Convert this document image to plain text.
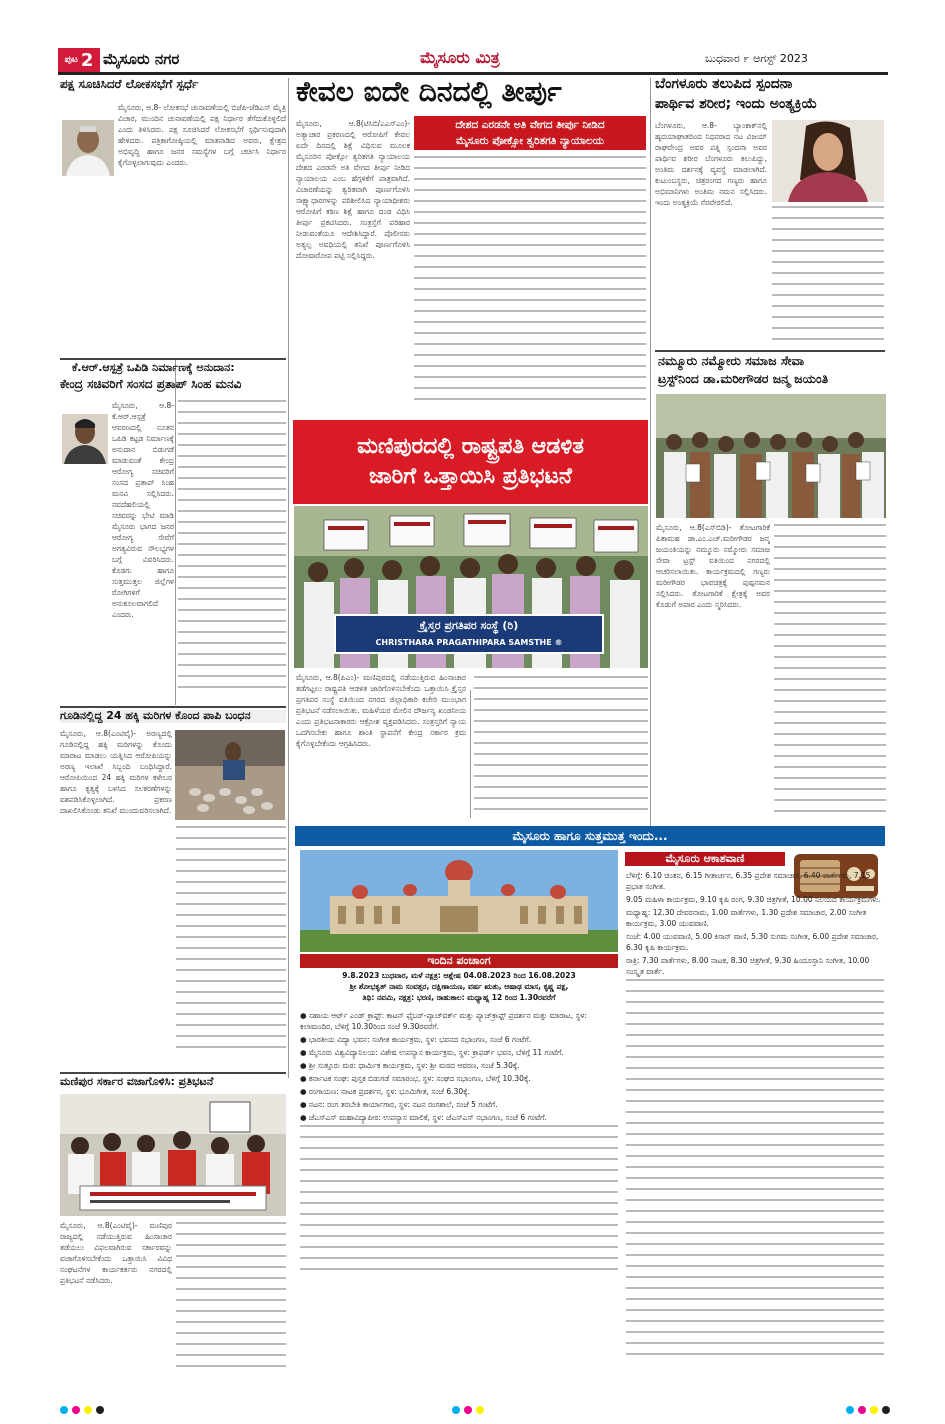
ಪುಟ 2 ಮೈಸೂರು ನಗರ	ಮೈಸೂರು ಮಿತ್ರ	ಬುಧವಾರ ೯ ಆಗಸ್ಟ್ 2023
ಪಕ್ಷ ಸೂಚಿಸಿದರೆ ಲೋಕಸಭೆಗೆ ಸ್ಪರ್ಧೆ
ಮೈಸೂರು, ಆ.8- ಲೋಕಸಭೆ ಚುನಾವಣೆಯಲ್ಲಿ ಬಿಜೆಪಿ-ಜೆಡಿಎಸ್ ಮೈತ್ರಿ ವಿಚಾರ, ಮುಂದಿನ ಚುನಾವಣೆಯಲ್ಲಿ ಪಕ್ಷ ನಿರ್ಧಾರ ತೆಗೆದುಕೊಳ್ಳಲಿದೆ ಎಂದು ತಿಳಿಸಿದರು. ಪಕ್ಷ ಸೂಚಿಸಿದರೆ ಲೋಕಸಭೆಗೆ ಸ್ಪರ್ಧಿಸುವುದಾಗಿ ಹೇಳಿದರು. ಪತ್ರಿಕಾಗೋಷ್ಠಿಯಲ್ಲಿ ಮಾತನಾಡಿದ ಅವರು, ಕ್ಷೇತ್ರದ ಅಭಿವೃದ್ಧಿ ಹಾಗೂ ಜನರ ಸಮಸ್ಯೆಗಳ ಬಗ್ಗೆ ಚರ್ಚಿಸಿ ನಿರ್ಧಾರ ಕೈಗೊಳ್ಳಲಾಗುವುದು ಎಂದರು.
ಕೆ.ಆರ್.ಆಸ್ಪತ್ರೆ ಒಪಿಡಿ ನಿರ್ಮಾಣಕ್ಕೆ ಅನುದಾನ:
ಕೇಂದ್ರ ಸಚಿವರಿಗೆ ಸಂಸದ ಪ್ರತಾಪ್ ಸಿಂಹ ಮನವಿ
ಮೈಸೂರು, ಆ.8- ಕೆ.ಆರ್.ಆಸ್ಪತ್ರೆ ಆವರಣದಲ್ಲಿ ನೂತನ ಒಪಿಡಿ ಕಟ್ಟಡ ನಿರ್ಮಾಣಕ್ಕೆ ಅನುದಾನ ಬಿಡುಗಡೆ ಮಾಡುವಂತೆ ಕೇಂದ್ರ ಆರೋಗ್ಯ ಸಚಿವರಿಗೆ ಸಂಸದ ಪ್ರತಾಪ್ ಸಿಂಹ ಮನವಿ ಸಲ್ಲಿಸಿದರು. ನವದೆಹಲಿಯಲ್ಲಿ ಸಚಿವರನ್ನು ಭೇಟಿ ಮಾಡಿ ಮೈಸೂರು ಭಾಗದ ಜನರ ಆರೋಗ್ಯ ಸೇವೆಗೆ ಅಗತ್ಯವಿರುವ ಸೌಲಭ್ಯಗಳ ಬಗ್ಗೆ ವಿವರಿಸಿದರು. ಕೊಡಗು ಹಾಗೂ ಸುತ್ತಮುತ್ತಲ ಜಿಲ್ಲೆಗಳ ರೋಗಿಗಳಿಗೆ ಅನುಕೂಲವಾಗಲಿದೆ ಎಂದರು.
ಗೂಡಿನಲ್ಲಿದ್ದ 24 ಹಕ್ಕಿ ಮರಿಗಳ ಕೊಂದ ಪಾಪಿ ಬಂಧನ
ಮೈಸೂರು, ಆ.8(ಎಂಟಿವೈ)- ಅರಣ್ಯದಲ್ಲಿ ಗೂಡಿನಲ್ಲಿದ್ದ ಹಕ್ಕಿ ಮರಿಗಳನ್ನು ಕೊಂದು ಮಾರಾಟ ಮಾಡಲು ಯತ್ನಿಸಿದ ಆರೋಪಿಯನ್ನು ಅರಣ್ಯ ಇಲಾಖೆ ಸಿಬ್ಬಂದಿ ಬಂಧಿಸಿದ್ದಾರೆ. ಆರೋಪಿಯಿಂದ 24 ಹಕ್ಕಿ ಮರಿಗಳ ಕಳೇಬರ ಹಾಗೂ ಕೃತ್ಯಕ್ಕೆ ಬಳಸಿದ ಸಲಕರಣೆಗಳನ್ನು ವಶಪಡಿಸಿಕೊಳ್ಳಲಾಗಿದೆ. ಪ್ರಕರಣ ದಾಖಲಿಸಿಕೊಂಡು ತನಿಖೆ ಮುಂದುವರಿಸಲಾಗಿದೆ.
ಮಣಿಪುರ ಸರ್ಕಾರ ವಜಾಗೊಳಿಸಿ: ಪ್ರತಿಭಟನೆ
ಮೈಸೂರು, ಆ.8(ಎಂಟಿವೈ)- ಮಣಿಪುರ ರಾಜ್ಯದಲ್ಲಿ ನಡೆಯುತ್ತಿರುವ ಹಿಂಸಾಚಾರ ತಡೆಯಲು ವಿಫಲವಾಗಿರುವ ಸರ್ಕಾರವನ್ನು ವಜಾಗೊಳಿಸಬೇಕೆಂದು ಒತ್ತಾಯಿಸಿ ವಿವಿಧ ಸಂಘಟನೆಗಳ ಕಾರ್ಯಕರ್ತರು ನಗರದಲ್ಲಿ ಪ್ರತಿಭಟನೆ ನಡೆಸಿದರು.
ಕೇವಲ ಐದೇ ದಿನದಲ್ಲಿ ತೀರ್ಪು
ಮೈಸೂರು, ಆ.8(ಟಿಸಿಬಿ/ಎಎಸ್ಎಂ)- ಅತ್ಯಾಚಾರ ಪ್ರಕರಣದಲ್ಲಿ ಆರೋಪಿಗೆ ಕೇವಲ ಐದೇ ದಿನದಲ್ಲಿ ಶಿಕ್ಷೆ ವಿಧಿಸುವ ಮೂಲಕ ಮೈಸೂರಿನ ಪೋಕ್ಸೋ ತ್ವರಿತಗತಿ ನ್ಯಾಯಾಲಯ ದೇಶದ ಎರಡನೇ ಅತಿ ವೇಗದ ತೀರ್ಪು ನೀಡಿದ ನ್ಯಾಯಾಲಯ ಎಂಬ ಹೆಗ್ಗಳಿಕೆಗೆ ಪಾತ್ರವಾಗಿದೆ. ವಿಚಾರಣೆಯನ್ನು ತ್ವರಿತವಾಗಿ ಪೂರ್ಣಗೊಳಿಸಿ ಸಾಕ್ಷ್ಯಾಧಾರಗಳನ್ನು ಪರಿಶೀಲಿಸಿದ ನ್ಯಾಯಾಧೀಶರು ಆರೋಪಿಗೆ ಕಠಿಣ ಶಿಕ್ಷೆ ಹಾಗೂ ದಂಡ ವಿಧಿಸಿ ತೀರ್ಪು ಪ್ರಕಟಿಸಿದರು. ಸಂತ್ರಸ್ತೆಗೆ ಪರಿಹಾರ ನೀಡುವಂತೆಯೂ ಆದೇಶಿಸಿದ್ದಾರೆ. ಪೊಲೀಸರು ಅತ್ಯಲ್ಪ ಅವಧಿಯಲ್ಲಿ ತನಿಖೆ ಪೂರ್ಣಗೊಳಿಸಿ ದೋಷಾರೋಪ ಪಟ್ಟಿ ಸಲ್ಲಿಸಿದ್ದರು.
ದೇಶದ ಎರಡನೇ ಅತಿ ವೇಗದ ತೀರ್ಪು ನೀಡಿದ
ಮೈಸೂರು ಪೋಕ್ಸೋ ತ್ವರಿತಗತಿ ನ್ಯಾಯಾಲಯ
ಮಣಿಪುರದಲ್ಲಿ ರಾಷ್ಟ್ರಪತಿ ಆಡಳಿತ
ಜಾರಿಗೆ ಒತ್ತಾಯಿಸಿ ಪ್ರತಿಭಟನೆ
ಕ್ರೈಸ್ತರ ಪ್ರಗತಿಪರ ಸಂಸ್ಥೆ (ರಿ)
CHRISTHARA PRAGATHIPARA SAMSTHE ®
ಮೈಸೂರು, ಆ.8(ಪಿಎಂ)- ಮಣಿಪುರದಲ್ಲಿ ನಡೆಯುತ್ತಿರುವ ಹಿಂಸಾಚಾರ ತಡೆಗಟ್ಟಲು ರಾಷ್ಟ್ರಪತಿ ಆಡಳಿತ ಜಾರಿಗೊಳಿಸಬೇಕೆಂದು ಒತ್ತಾಯಿಸಿ ಕ್ರೈಸ್ತರ ಪ್ರಗತಿಪರ ಸಂಸ್ಥೆ ವತಿಯಿಂದ ನಗರದ ಜಿಲ್ಲಾಧಿಕಾರಿ ಕಚೇರಿ ಮುಂಭಾಗ ಪ್ರತಿಭಟನೆ ನಡೆಸಲಾಯಿತು. ಮಹಿಳೆಯರ ಮೇಲಿನ ದೌರ್ಜನ್ಯ ಖಂಡನೀಯ ಎಂದು ಪ್ರತಿಭಟನಾಕಾರರು ಆಕ್ರೋಶ ವ್ಯಕ್ತಪಡಿಸಿದರು. ಸಂತ್ರಸ್ತರಿಗೆ ನ್ಯಾಯ ಒದಗಿಸಬೇಕು ಹಾಗೂ ಶಾಂತಿ ಸ್ಥಾಪನೆಗೆ ಕೇಂದ್ರ ಸರ್ಕಾರ ಕ್ರಮ ಕೈಗೊಳ್ಳಬೇಕೆಂದು ಆಗ್ರಹಿಸಿದರು.
ಬೆಂಗಳೂರು ತಲುಪಿದ ಸ್ಪಂದನಾ
ಪಾರ್ಥಿವ ಶರೀರ; ಇಂದು ಅಂತ್ಯಕ್ರಿಯೆ
ಬೆಂಗಳೂರು, ಆ.8- ಬ್ಯಾಂಕಾಕ್‌ನಲ್ಲಿ ಹೃದಯಾಘಾತದಿಂದ ನಿಧನರಾದ ನಟ ವಿಜಯ್ ರಾಘವೇಂದ್ರ ಅವರ ಪತ್ನಿ ಸ್ಪಂದನಾ ಅವರ ಪಾರ್ಥಿವ ಶರೀರ ಬೆಂಗಳೂರು ತಲುಪಿದ್ದು, ಅಂತಿಮ ದರ್ಶನಕ್ಕೆ ವ್ಯವಸ್ಥೆ ಮಾಡಲಾಗಿದೆ. ಕುಟುಂಬಸ್ಥರು, ಚಿತ್ರರಂಗದ ಗಣ್ಯರು ಹಾಗೂ ಅಭಿಮಾನಿಗಳು ಅಂತಿಮ ನಮನ ಸಲ್ಲಿಸಿದರು. ಇಂದು ಅಂತ್ಯಕ್ರಿಯೆ ನೆರವೇರಲಿದೆ.
ನಮ್ಮೂರು ನಮ್ಮೋರು ಸಮಾಜ ಸೇವಾ
ಟ್ರಸ್ಟ್‌ನಿಂದ ಡಾ.ಮರೀಗೌಡರ ಜನ್ಮ ಜಯಂತಿ
ಮೈಸೂರು, ಆ.8(ಎಸ್‌ಬಿಡಿ)- ತೋಟಗಾರಿಕೆ ಪಿತಾಮಹ ಡಾ.ಎಂ.ಎಚ್.ಮರೀಗೌಡರ ಜನ್ಮ ಜಯಂತಿಯನ್ನು ನಮ್ಮೂರು ನಮ್ಮೋರು ಸಮಾಜ ಸೇವಾ ಟ್ರಸ್ಟ್ ವತಿಯಿಂದ ನಗರದಲ್ಲಿ ಆಚರಿಸಲಾಯಿತು. ಕಾರ್ಯಕ್ರಮದಲ್ಲಿ ಗಣ್ಯರು ಮರೀಗೌಡರ ಭಾವಚಿತ್ರಕ್ಕೆ ಪುಷ್ಪನಮನ ಸಲ್ಲಿಸಿದರು. ತೋಟಗಾರಿಕೆ ಕ್ಷೇತ್ರಕ್ಕೆ ಅವರ ಕೊಡುಗೆ ಅಪಾರ ಎಂದು ಸ್ಮರಿಸಿದರು.
ಮೈಸೂರು ಹಾಗೂ ಸುತ್ತಮುತ್ತ ಇಂದು...
ಇಂದಿನ ಪಂಚಾಂಗ
9.8.2023 ಬುಧವಾರ, ಮಳೆ ನಕ್ಷತ್ರ: ಆಶ್ಲೇಷ 04.08.2023 ರಿಂದ 16.08.2023
ಶ್ರೀ ಶೋಭಕೃತ್ ನಾಮ ಸಂವತ್ಸರ, ದಕ್ಷಿಣಾಯಣ, ವರ್ಷ ಋತು, ಆಷಾಢ ಮಾಸ, ಕೃಷ್ಣ ಪಕ್ಷ,
ತಿಥಿ: ನವಮಿ, ನಕ್ಷತ್ರ: ಭರಣಿ, ರಾಹುಕಾಲ: ಮಧ್ಯಾಹ್ನ 12 ರಿಂದ 1.30ರವರೆಗೆ

● ಸಹಾಯ ಆರ್ಟ್ ಎಂಡ್ ಕ್ರಾಫ್ಟ್: ಕಾಟನ್ ಫೈಬರ್-ಪ್ಯಾಚ್‌ವರ್ಕ್ ಮತ್ತು ಪ್ಯಾಚ್‌ಕ್ರಾಫ್ಟ್ ಪ್ರದರ್ಶನ ಮತ್ತು ಮಾರಾಟ, ಸ್ಥಳ: ಕಲಾಮಂದಿರ, ಬೆಳಿಗ್ಗೆ 10.30ರಿಂದ ಸಂಜೆ 9.30ರವರೆಗೆ.

● ಭಾರತೀಯ ವಿದ್ಯಾ ಭವನ: ಸಂಗೀತ ಕಾರ್ಯಕ್ರಮ, ಸ್ಥಳ: ಭವನದ ಸಭಾಂಗಣ, ಸಂಜೆ 6 ಗಂಟೆಗೆ.

● ಮೈಸೂರು ವಿಶ್ವವಿದ್ಯಾನಿಲಯ: ವಿಶೇಷ ಉಪನ್ಯಾಸ ಕಾರ್ಯಕ್ರಮ, ಸ್ಥಳ: ಕ್ರಾಫರ್ಡ್ ಭವನ, ಬೆಳಿಗ್ಗೆ 11 ಗಂಟೆಗೆ.

● ಶ್ರೀ ಸುತ್ತೂರು ಮಠ: ಧಾರ್ಮಿಕ ಕಾರ್ಯಕ್ರಮ, ಸ್ಥಳ: ಶ್ರೀ ಮಠದ ಆವರಣ, ಸಂಜೆ 5.30ಕ್ಕೆ.

● ಕರ್ನಾಟಕ ಸಂಘ: ಪುಸ್ತಕ ಬಿಡುಗಡೆ ಸಮಾರಂಭ, ಸ್ಥಳ: ಸಂಘದ ಸಭಾಂಗಣ, ಬೆಳಿಗ್ಗೆ 10.30ಕ್ಕೆ.

● ರಂಗಾಯಣ: ನಾಟಕ ಪ್ರದರ್ಶನ, ಸ್ಥಳ: ಭೂಮಿಗೀತ, ಸಂಜೆ 6.30ಕ್ಕೆ.

● ನಟನ: ರಂಗ ತರಬೇತಿ ಕಾರ್ಯಾಗಾರ, ಸ್ಥಳ: ನಟನ ರಂಗಶಾಲೆ, ಸಂಜೆ 5 ಗಂಟೆಗೆ.

● ಜೆಎಸ್‌ಎಸ್ ಮಹಾವಿದ್ಯಾಪೀಠ: ಉಪನ್ಯಾಸ ಮಾಲಿಕೆ, ಸ್ಥಳ: ಜೆಎಸ್‌ಎಸ್ ಸಭಾಂಗಣ, ಸಂಜೆ 6 ಗಂಟೆಗೆ.

ಮೈಸೂರು ಆಕಾಶವಾಣಿ

ಬೆಳಿಗ್ಗೆ: 6.10 ಚಿಂತನ, 6.15 ಗೀತಾರ್ಚನ, 6.35 ಪ್ರದೇಶ ಸಮಾಚಾರ, 6.40 ವಾರ್ತೆಗಳು, 7.15 ಪ್ರಭಾತ ಸಂಗೀತ.

9.05 ಮಹಿಳಾ ಕಾರ್ಯಕ್ರಮ, 9.10 ಕೃಷಿ ರಂಗ, 9.30 ಚಿತ್ರಗೀತೆ, 10.00 ನಿಲಯದ ಕಾರ್ಯಕ್ರಮಗಳು.

ಮಧ್ಯಾಹ್ನ: 12.30 ದೇವರನಾಮ, 1.00 ವಾರ್ತೆಗಳು, 1.30 ಪ್ರದೇಶ ಸಮಾಚಾರ, 2.00 ಸಂಗೀತ ಕಾರ್ಯಕ್ರಮ, 3.00 ಯುವವಾಣಿ.

ಸಂಜೆ: 4.00 ಯುವವಾಣಿ, 5.00 ಕಿಸಾನ್ ವಾಣಿ, 5.30 ಸುಗಮ ಸಂಗೀತ, 6.00 ಪ್ರದೇಶ ಸಮಾಚಾರ, 6.30 ಕೃಷಿ ಕಾರ್ಯಕ್ರಮ.

ರಾತ್ರಿ: 7.30 ವಾರ್ತೆಗಳು, 8.00 ನಾಟಕ, 8.30 ಚಿತ್ರಗೀತೆ, 9.30 ಹಿಂದೂಸ್ತಾನಿ ಸಂಗೀತ, 10.00 ಸಂಸ್ಕೃತ ವಾರ್ತೆ.
